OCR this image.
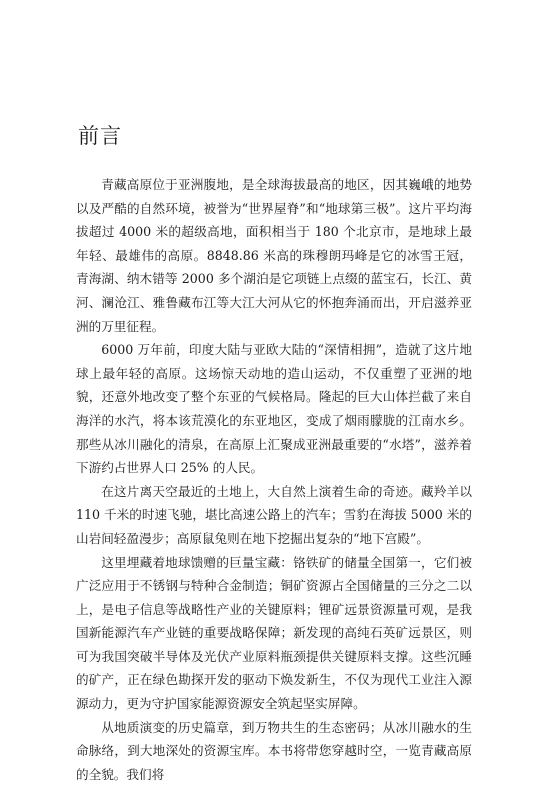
前言

青藏高原位于亚洲腹地，是全球海拔最高的地区，因其巍峨的地势以及严酷的自然环境，被誉为“世界屋脊”和“地球第三极”。这片平均海拔超过 4000 米的超级高地，面积相当于 180 个北京市，是地球上最年轻、最雄伟的高原。8848.86 米高的珠穆朗玛峰是它的冰雪王冠，青海湖、纳木错等 2000 多个湖泊是它项链上点缀的蓝宝石，长江、黄河、澜沧江、雅鲁藏布江等大江大河从它的怀抱奔涌而出，开启滋养亚洲的万里征程。

6000 万年前，印度大陆与亚欧大陆的“深情相拥”，造就了这片地球上最年轻的高原。这场惊天动地的造山运动，不仅重塑了亚洲的地貌，还意外地改变了整个东亚的气候格局。隆起的巨大山体拦截了来自海洋的水汽，将本该荒漠化的东亚地区，变成了烟雨朦胧的江南水乡。那些从冰川融化的清泉，在高原上汇聚成亚洲最重要的“水塔”，滋养着下游约占世界人口 25% 的人民。

在这片离天空最近的土地上，大自然上演着生命的奇迹。藏羚羊以 110 千米的时速飞驰，堪比高速公路上的汽车；雪豹在海拔 5000 米的山岩间轻盈漫步；高原鼠兔则在地下挖掘出复杂的“地下宫殿”。

这里埋藏着地球馈赠的巨量宝藏：铬铁矿的储量全国第一，它们被广泛应用于不锈钢与特种合金制造；铜矿资源占全国储量的三分之二以上，是电子信息等战略性产业的关键原料；锂矿远景资源量可观，是我国新能源汽车产业链的重要战略保障；新发现的高纯石英矿远景区，则可为我国突破半导体及光伏产业原料瓶颈提供关键原料支撑。这些沉睡的矿产，正在绿色勘探开发的驱动下焕发新生，不仅为现代工业注入源源动力，更为守护国家能源资源安全筑起坚实屏障。

从地质演变的历史篇章，到万物共生的生态密码；从冰川融水的生命脉络，到大地深处的资源宝库。本书将带您穿越时空，一览青藏高原的全貌。我们将
